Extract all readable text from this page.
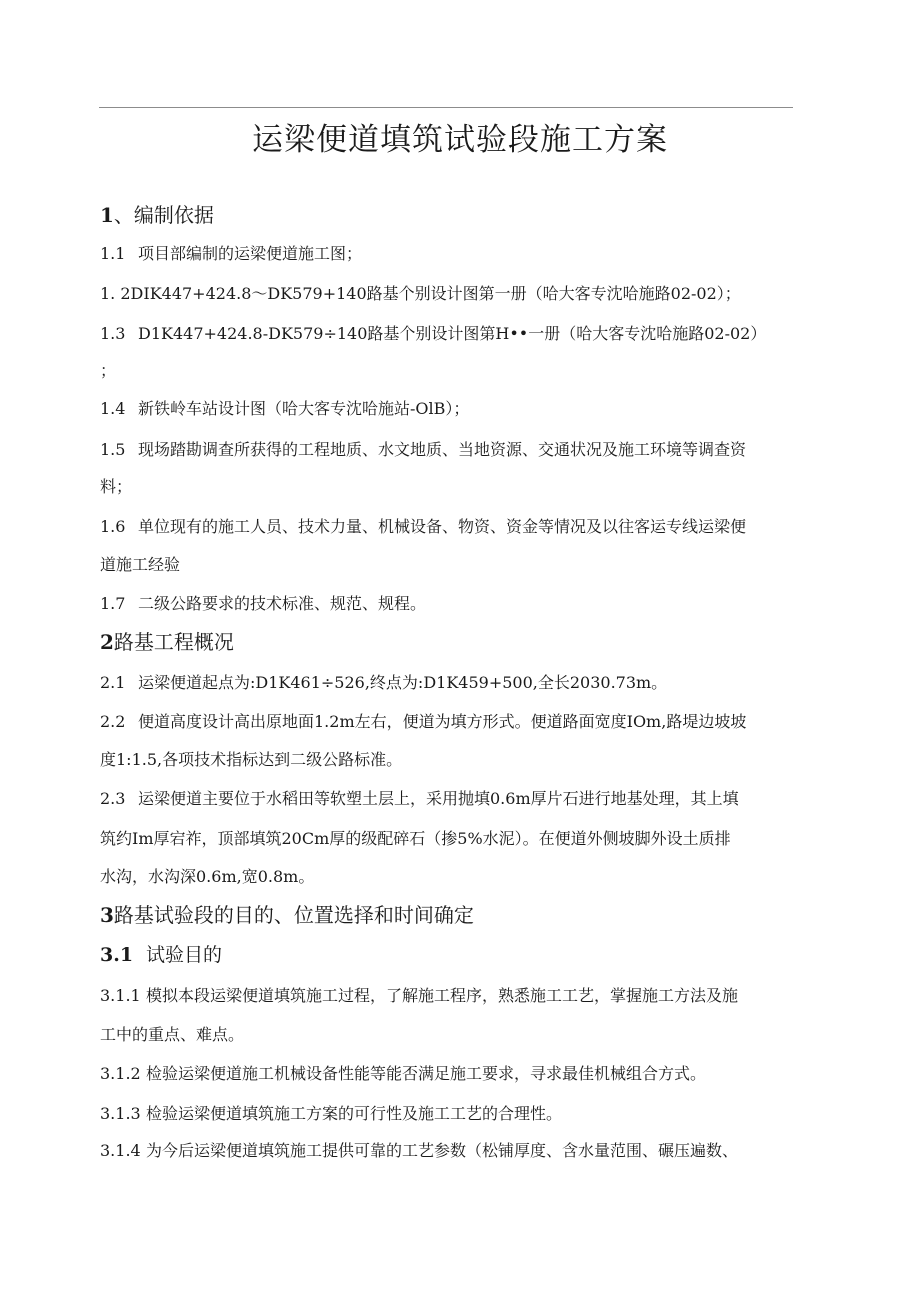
运梁便道填筑试验段施工方案
1、编制依据
1.1 项目部编制的运梁便道施工图；
1. 2DIK447+424.8～DK579+140路基个别设计图第一册（哈大客专沈哈施路02-02）；
1.3 D1K447+424.8-DK579÷140路基个别设计图第H••一册（哈大客专沈哈施路02-02）
；
1.4 新铁岭车站设计图（哈大客专沈哈施站-OlB）；
1.5 现场踏勘调查所获得的工程地质、水文地质、当地资源、交通状况及施工环境等调查资
料；
1.6 单位现有的施工人员、技术力量、机械设备、物资、资金等情况及以往客运专线运梁便
道施工经验
1.7 二级公路要求的技术标准、规范、规程。
2路基工程概况
2.1 运梁便道起点为:D1K461÷526,终点为:D1K459+500,全长2030.73m。
2.2 便道高度设计高出原地面1.2m左右，便道为填方形式。便道路面宽度IOm,路堤边坡坡
度1:1.5,各项技术指标达到二级公路标准。
2.3 运梁便道主要位于水稻田等软塑土层上，采用抛填0.6m厚片石进行地基处理，其上填
筑约Im厚宕祚，顶部填筑20Cm厚的级配碎石（掺5%水泥）。在便道外侧坡脚外设土质排
水沟，水沟深0.6m,宽0.8m。
3路基试验段的目的、位置选择和时间确定
3.1 试验目的
3.1.1 模拟本段运梁便道填筑施工过程，了解施工程序，熟悉施工工艺，掌握施工方法及施
工中的重点、难点。
3.1.2 检验运梁便道施工机械设备性能等能否满足施工要求，寻求最佳机械组合方式。
3.1.3 检验运梁便道填筑施工方案的可行性及施工工艺的合理性。
3.1.4 为今后运梁便道填筑施工提供可靠的工艺参数（松铺厚度、含水量范围、碾压遍数、
